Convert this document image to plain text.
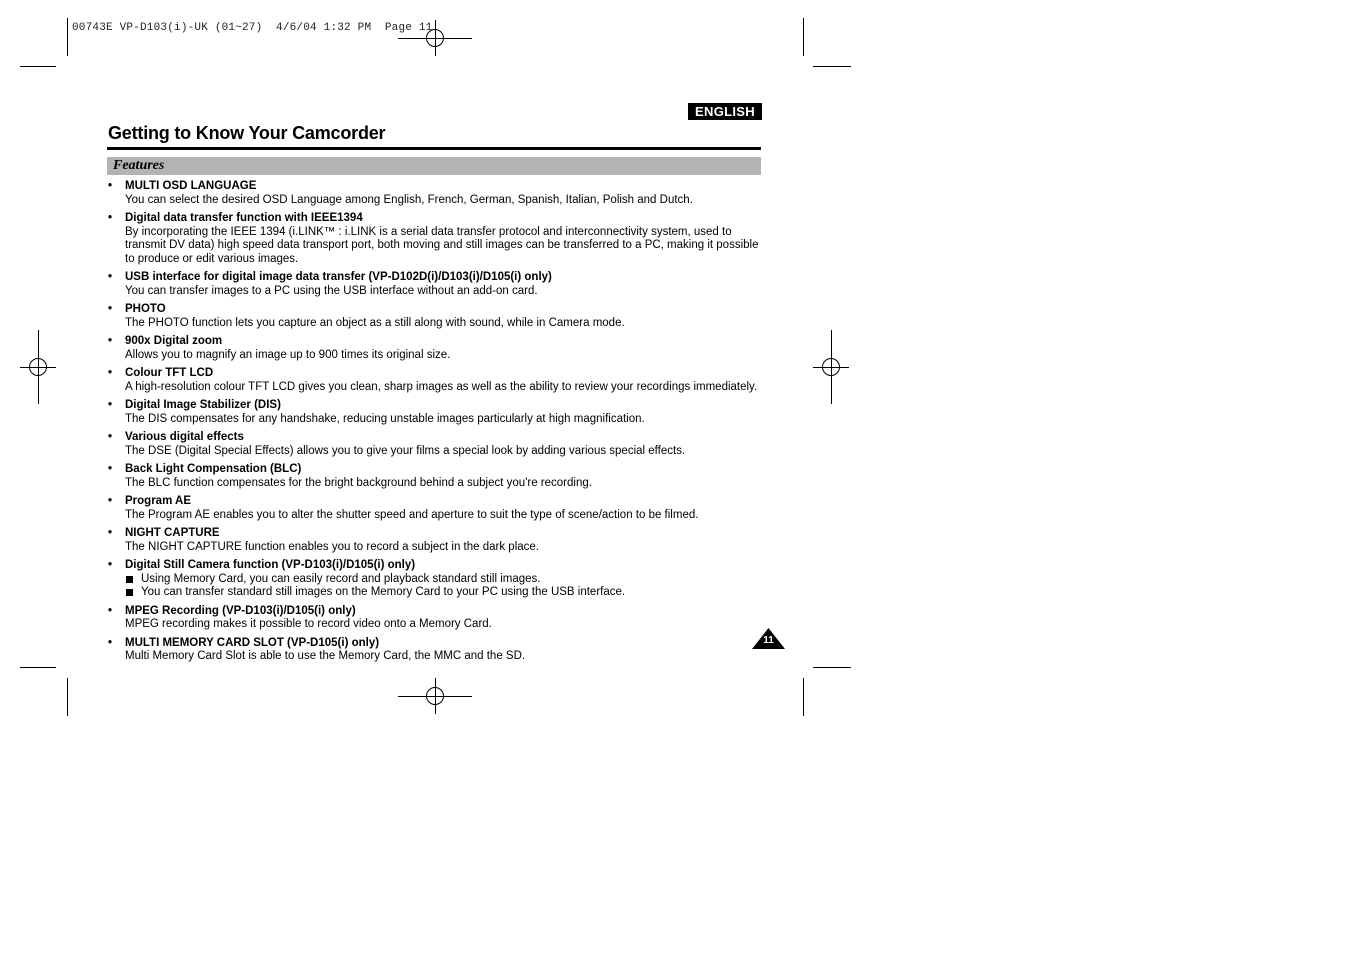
00743E VP-D103(i)-UK (01~27)  4/6/04 1:32 PM  Page 11
ENGLISH
Getting to Know Your Camcorder
Features
• MULTI OSD LANGUAGE
You can select the desired OSD Language among English, French, German, Spanish, Italian, Polish and Dutch.
• Digital data transfer function with IEEE1394
By incorporating the IEEE 1394 (i.LINK™ : i.LINK is a serial data transfer protocol and interconnectivity system, used to transmit DV data) high speed data transport port, both moving and still images can be transferred to a PC, making it possible to produce or edit various images.
• USB interface for digital image data transfer (VP-D102D(i)/D103(i)/D105(i) only)
You can transfer images to a PC using the USB interface without an add-on card.
• PHOTO
The PHOTO function lets you capture an object as a still along with sound, while in Camera mode.
• 900x Digital zoom
Allows you to magnify an image up to 900 times its original size.
• Colour TFT LCD
A high-resolution colour TFT LCD gives you clean, sharp images as well as the ability to review your recordings immediately.
• Digital Image Stabilizer (DIS)
The DIS compensates for any handshake, reducing unstable images particularly at high magnification.
• Various digital effects
The DSE (Digital Special Effects) allows you to give your films a special look by adding various special effects.
• Back Light Compensation (BLC)
The BLC function compensates for the bright background behind a subject you're recording.
• Program AE
The Program AE enables you to alter the shutter speed and aperture to suit the type of scene/action to be filmed.
• NIGHT CAPTURE
The NIGHT CAPTURE function enables you to record a subject in the dark place.
• Digital Still Camera function (VP-D103(i)/D105(i) only)
Using Memory Card, you can easily record and playback standard still images.
You can transfer standard still images on the Memory Card to your PC using the USB interface.
• MPEG Recording (VP-D103(i)/D105(i) only)
MPEG recording makes it possible to record video onto a Memory Card.
• MULTI MEMORY CARD SLOT (VP-D105(i) only)
Multi Memory Card Slot is able to use the Memory Card, the MMC and the SD.
11
